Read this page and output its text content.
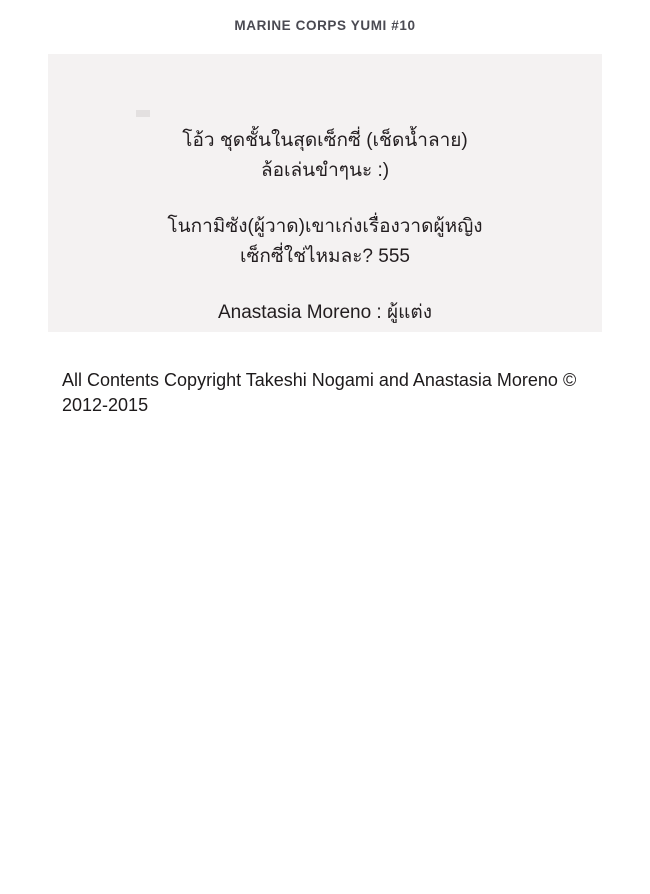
MARINE CORPS YUMI #10
โอ้ว ชุดชั้นในสุดเซ็กซี่ (เช็ดน้ำลาย)
ล้อเล่นขำๆนะ :)
โนกามิซัง(ผู้วาด)เขาเก่งเรื่องวาดผู้หญิง
เซ็กซี่ใช่ไหมละ? 555
Anastasia Moreno : ผู้แต่ง
All Contents Copyright Takeshi Nogami and Anastasia Moreno © 2012-2015
